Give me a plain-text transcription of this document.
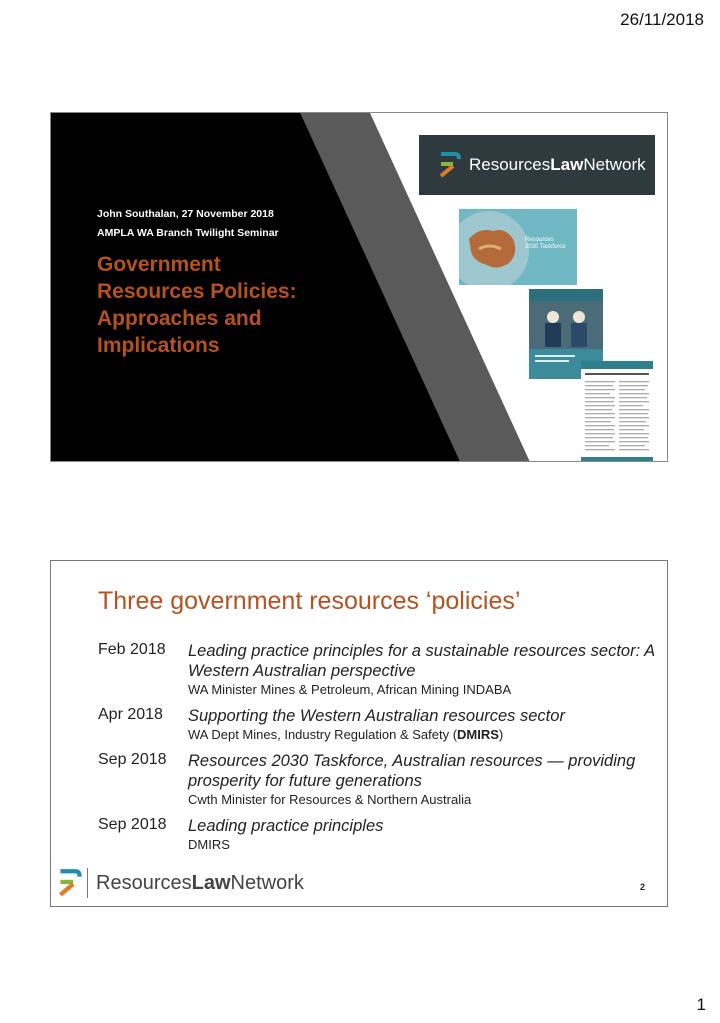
26/11/2018
John Southalan, 27 November 2018
AMPLA WA Branch Twilight Seminar
Government
Resources Policies:
Approaches and
Implications
ResourcesLawNetwork
Resources
2030 Taskforce
Three government resources ‘policies’
Feb 2018 Leading practice principles for a sustainable resources sector: A Western Australian perspective
WA Minister Mines & Petroleum, African Mining INDABA
Apr 2018 Supporting the Western Australian resources sector
WA Dept Mines, Industry Regulation & Safety (DMIRS)
Sep 2018 Resources 2030 Taskforce, Australian resources — providing prosperity for future generations
Cwth Minister for Resources & Northern Australia
Sep 2018 Leading practice principles
DMIRS
ResourcesLawNetwork	2
1
